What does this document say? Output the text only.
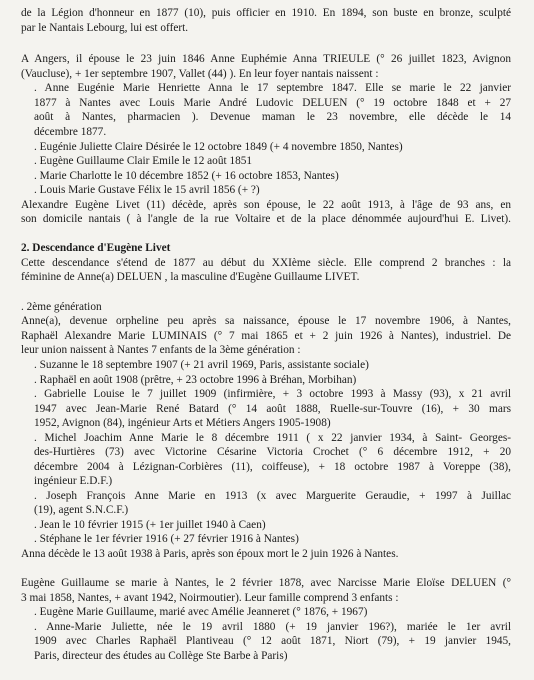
de la Légion d'honneur en 1877 (10), puis officier en 1910. En 1894, son buste en bronze, sculpté
par le Nantais Lebourg, lui est offert.
A Angers, il épouse le 23 juin 1846 Anne Euphémie Anna TRIEULE (° 26 juillet 1823, Avignon
(Vaucluse), + 1er septembre 1907, Vallet (44) ). En leur foyer nantais naissent :
. Anne Eugénie Marie Henriette Anna le 17 septembre 1847. Elle se marie le 22 janvier
1877 à Nantes avec Louis Marie André Ludovic DELUEN (° 19 octobre 1848 et + 27
août à Nantes, pharmacien ). Devenue maman le 23 novembre, elle décède le 14
décembre 1877.
. Eugénie Juliette Claire Désirée le 12 octobre 1849 (+ 4 novembre 1850, Nantes)
. Eugène Guillaume Clair Emile le 12 août 1851
. Marie Charlotte le 10 décembre 1852 (+ 16 octobre 1853, Nantes)
. Louis Marie Gustave Félix le 15 avril 1856 (+ ?)
Alexandre Eugène Livet (11) décède, après son épouse, le 22 août 1913, à l'âge de 93 ans, en
son domicile nantais ( à l'angle de la rue Voltaire et de la place dénommée aujourd'hui E. Livet).
2. Descendance d'Eugène Livet
Cette descendance s'étend de 1877 au début du XXIème siècle. Elle comprend 2 branches : la
féminine de Anne(a) DELUEN , la masculine d'Eugène Guillaume LIVET.
. 2ème génération
Anne(a), devenue orpheline peu après sa naissance, épouse le 17 novembre 1906, à Nantes,
Raphaël Alexandre Marie LUMINAIS (° 7 mai 1865 et + 2 juin 1926 à Nantes), industriel. De
leur union naissent à Nantes 7 enfants de la 3ème génération :
. Suzanne le 18 septembre 1907 (+ 21 avril 1969, Paris, assistante sociale)
. Raphaël en août 1908 (prêtre, + 23 octobre 1996 à Bréhan, Morbihan)
. Gabrielle Louise le 7 juillet 1909 (infirmière, + 3 octobre 1993 à Massy (93), x 21 avril
1947 avec Jean-Marie René Batard (° 14 août 1888, Ruelle-sur-Touvre (16), + 30 mars
1952, Avignon (84), ingénieur Arts et Métiers Angers 1905-1908)
. Michel Joachim Anne Marie le 8 décembre 1911 ( x 22 janvier 1934, à Saint- Georges-
des-Hurtières (73) avec Victorine Césarine Victoria Crochet (° 6 décembre 1912, + 20
décembre 2004 à Lézignan-Corbières (11), coiffeuse), + 18 octobre 1987 à Voreppe (38),
ingénieur E.D.F.)
. Joseph François Anne Marie en 1913 (x avec Marguerite Geraudie, + 1997 à Juillac
(19), agent S.N.C.F.)
. Jean le 10 février 1915 (+ 1er juillet 1940 à Caen)
. Stéphane le 1er février 1916 (+ 27 février 1916 à Nantes)
Anna décède le 13 août 1938 à Paris, après son époux mort le 2 juin 1926 à Nantes.
Eugène Guillaume se marie à Nantes, le 2 février 1878, avec Narcisse Marie Eloïse DELUEN (°
3 mai 1858, Nantes, + avant 1942, Noirmoutier). Leur famille comprend 3 enfants :
. Eugène Marie Guillaume, marié avec Amélie Jeanneret (° 1876, + 1967)
. Anne-Marie Juliette, née le 19 avril 1880 (+ 19 janvier 196?), mariée le 1er avril
1909 avec Charles Raphaël Plantiveau (° 12 août 1871, Niort (79), + 19 janvier 1945,
Paris, directeur des études au Collège Ste Barbe à Paris)
